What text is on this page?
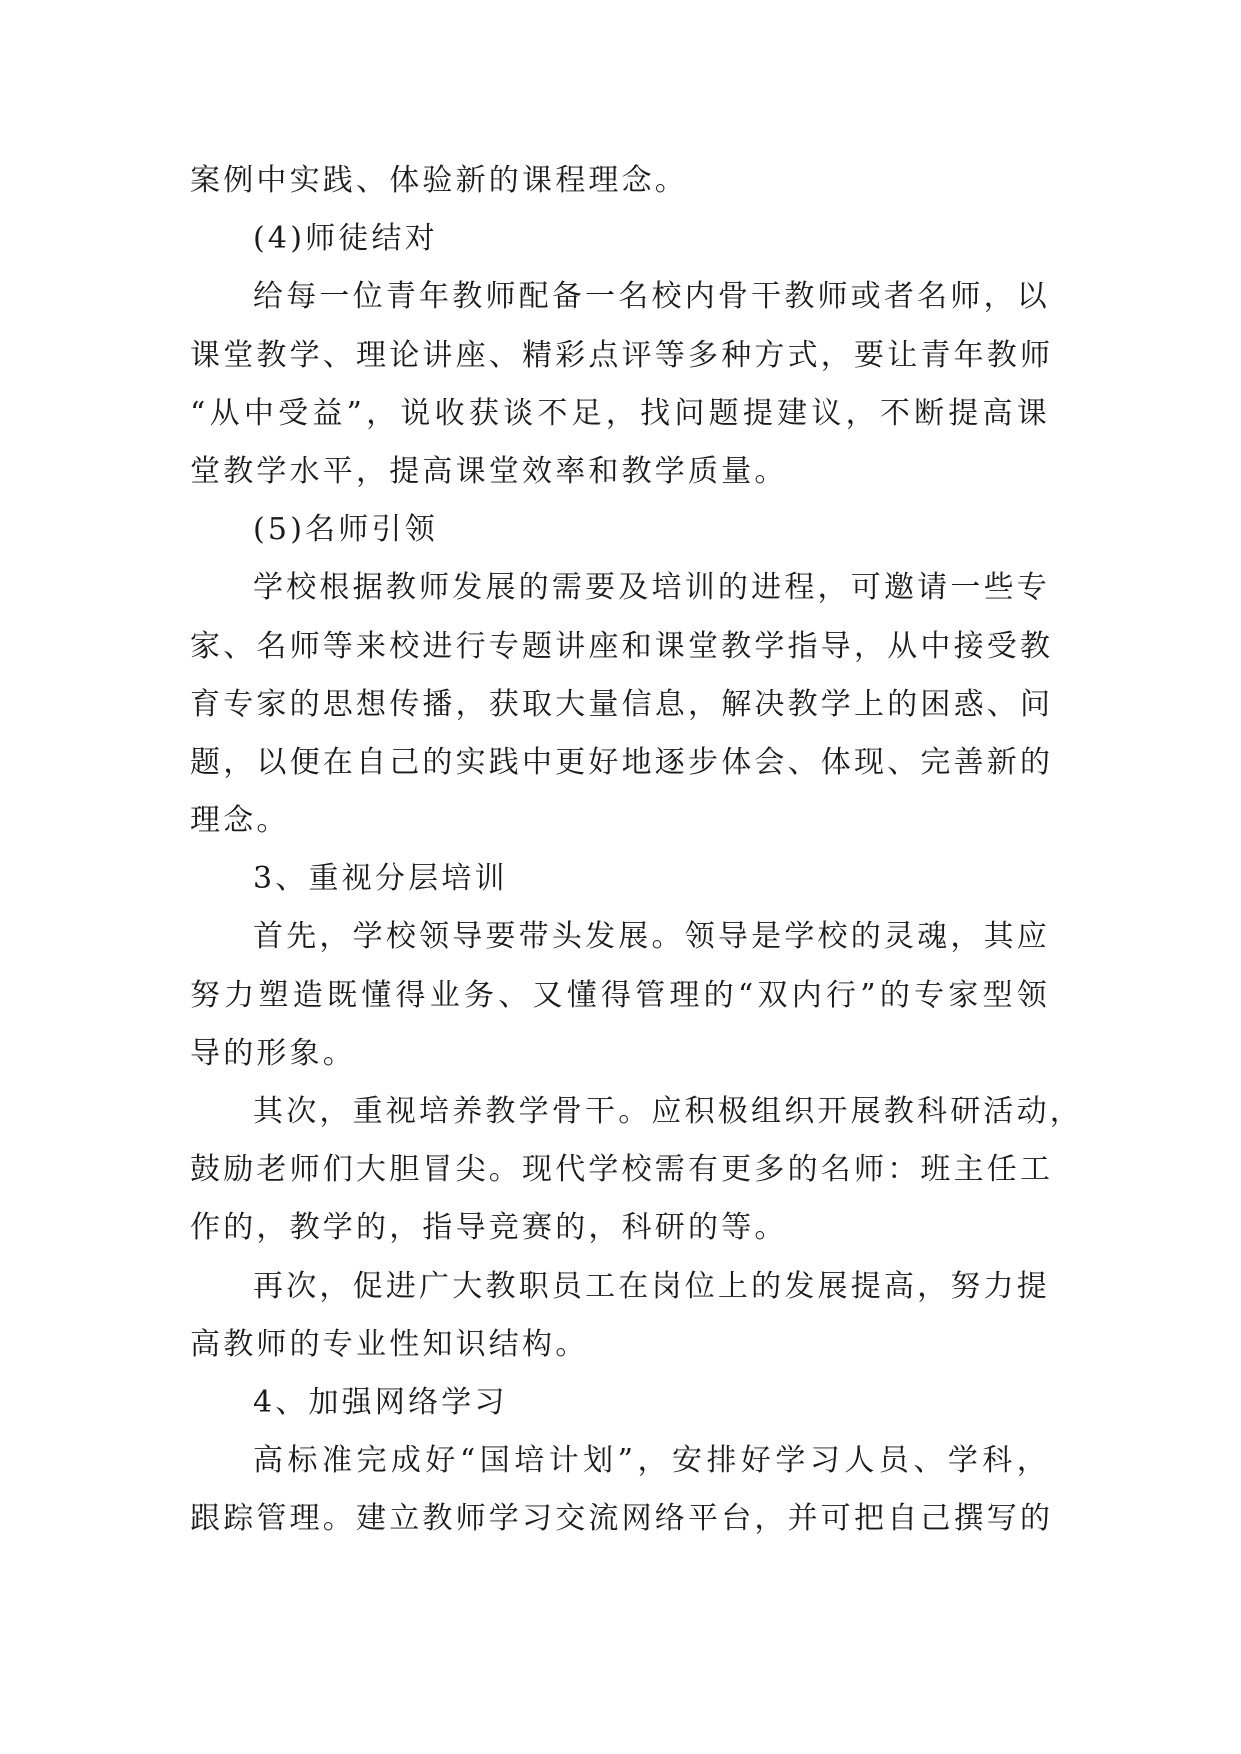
案例中实践、体验新的课程理念。
(4)师徒结对
给每一位青年教师配备一名校内骨干教师或者名师，以
课堂教学、理论讲座、精彩点评等多种方式，要让青年教师
“从中受益”，说收获谈不足，找问题提建议，不断提高课
堂教学水平，提高课堂效率和教学质量。
(5)名师引领
学校根据教师发展的需要及培训的进程，可邀请一些专
家、名师等来校进行专题讲座和课堂教学指导，从中接受教
育专家的思想传播，获取大量信息，解决教学上的困惑、问
题，以便在自己的实践中更好地逐步体会、体现、完善新的
理念。
3、重视分层培训
首先，学校领导要带头发展。领导是学校的灵魂，其应
努力塑造既懂得业务、又懂得管理的“双内行”的专家型领
导的形象。
其次，重视培养教学骨干。应积极组织开展教科研活动，
鼓励老师们大胆冒尖。现代学校需有更多的名师：班主任工
作的，教学的，指导竞赛的，科研的等。
再次，促进广大教职员工在岗位上的发展提高，努力提
高教师的专业性知识结构。
4、加强网络学习
高标准完成好“国培计划”，安排好学习人员、学科，
跟踪管理。建立教师学习交流网络平台，并可把自己撰写的
